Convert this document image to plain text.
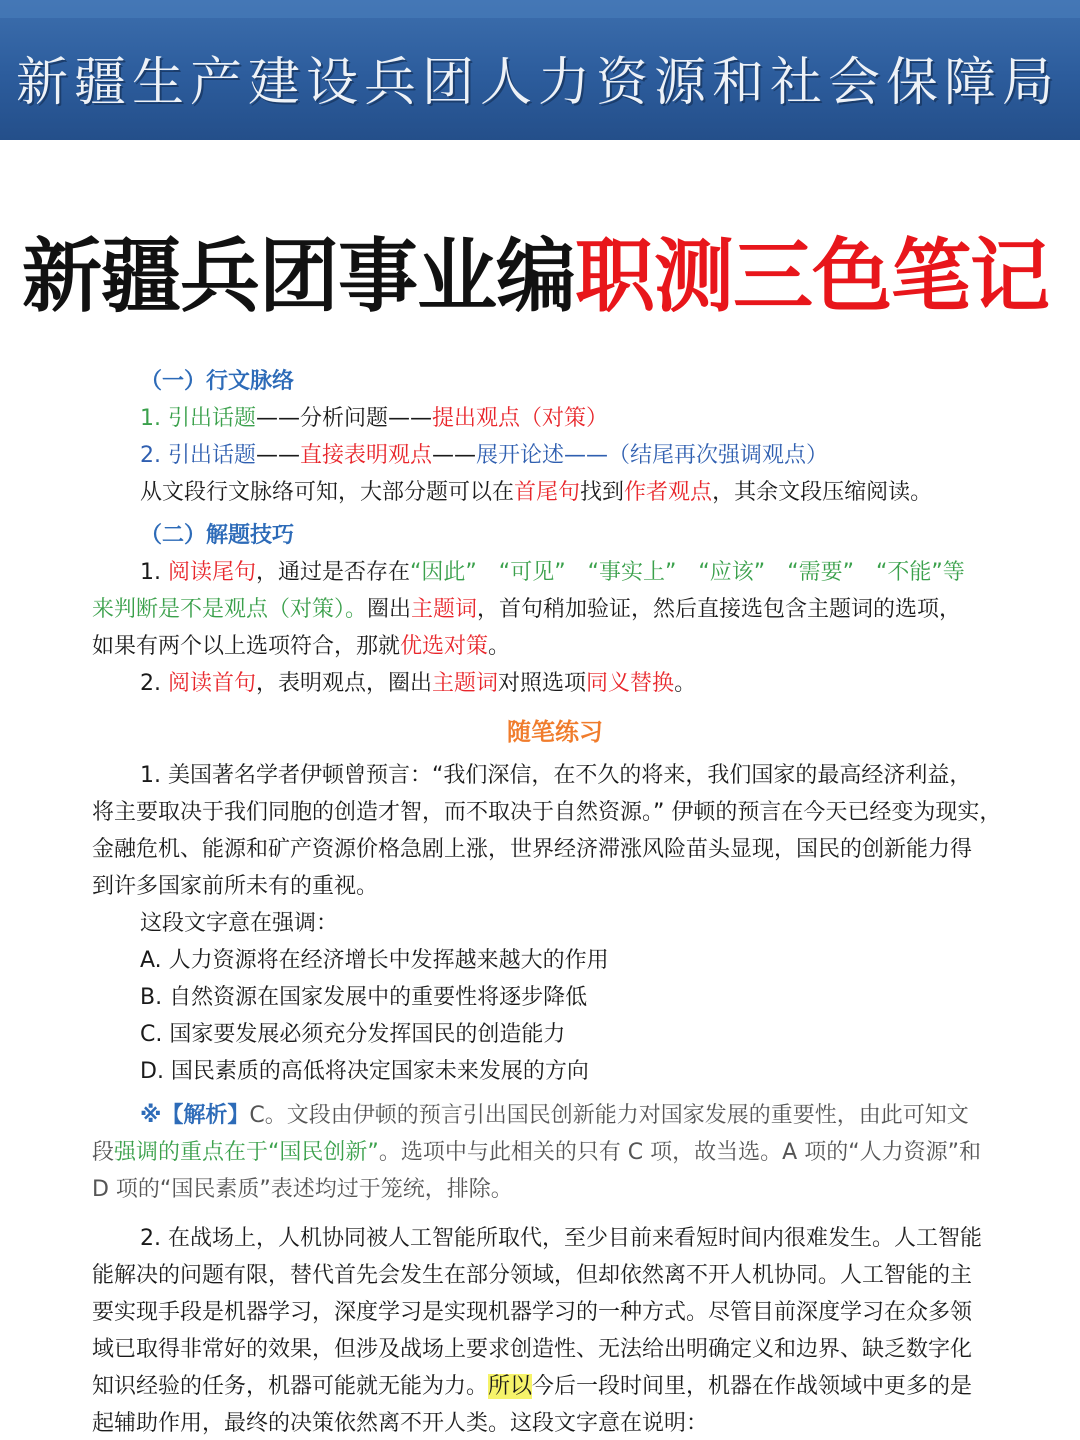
新疆生产建设兵团人力资源和社会保障局
新疆兵团事业编职测三色笔记
（一）行文脉络
1. 引出话题——分析问题——提出观点（对策）
2. 引出话题——直接表明观点——展开论述——（结尾再次强调观点）
从文段行文脉络可知，大部分题可以在首尾句找到作者观点，其余文段压缩阅读。
（二）解题技巧
1. 阅读尾句，通过是否存在“因此”　“可见”　“事实上”　“应该”　“需要”　“不能”等
来判断是不是观点（对策）。圈出主题词，首句稍加验证，然后直接选包含主题词的选项，
如果有两个以上选项符合，那就优选对策。
2. 阅读首句，表明观点，圈出主题词对照选项同义替换。
随笔练习
1. 美国著名学者伊顿曾预言：“我们深信，在不久的将来，我们国家的最高经济利益，
将主要取决于我们同胞的创造才智，而不取决于自然资源。” 伊顿的预言在今天已经变为现实，
金融危机、能源和矿产资源价格急剧上涨，世界经济滞涨风险苗头显现，国民的创新能力得
到许多国家前所未有的重视。
这段文字意在强调：
A. 人力资源将在经济增长中发挥越来越大的作用
B. 自然资源在国家发展中的重要性将逐步降低
C. 国家要发展必须充分发挥国民的创造能力
D. 国民素质的高低将决定国家未来发展的方向
※【解析】C。文段由伊顿的预言引出国民创新能力对国家发展的重要性，由此可知文
段强调的重点在于“国民创新”。选项中与此相关的只有 C 项，故当选。A 项的“人力资源”和
D 项的“国民素质”表述均过于笼统，排除。
2. 在战场上，人机协同被人工智能所取代，至少目前来看短时间内很难发生。人工智能
能解决的问题有限，替代首先会发生在部分领域，但却依然离不开人机协同。人工智能的主
要实现手段是机器学习，深度学习是实现机器学习的一种方式。尽管目前深度学习在众多领
域已取得非常好的效果，但涉及战场上要求创造性、无法给出明确定义和边界、缺乏数字化
知识经验的任务，机器可能就无能为力。所以今后一段时间里，机器在作战领域中更多的是
起辅助作用，最终的决策依然离不开人类。这段文字意在说明：
